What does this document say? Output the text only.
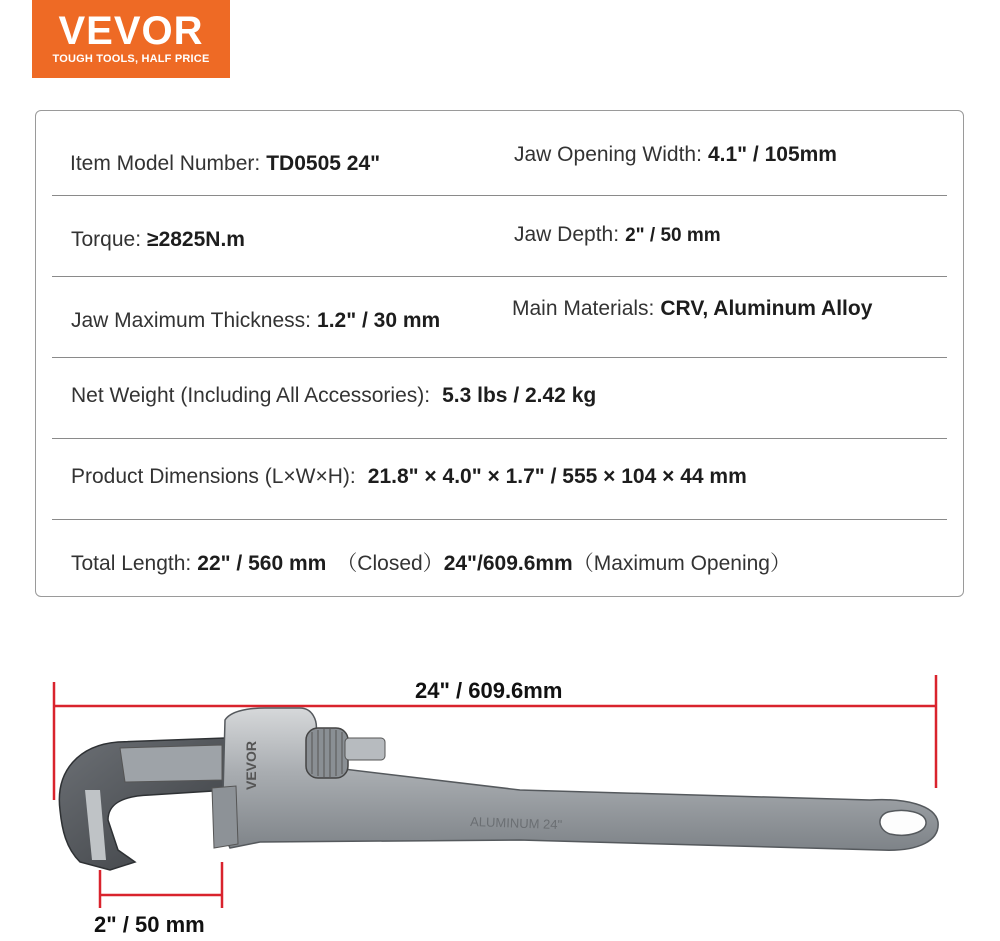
VEVOR
TOUGH TOOLS, HALF PRICE
Item Model Number: TD0505 24"	Jaw Opening Width: 4.1" / 105mm
Torque: ≥2825N.m	Jaw Depth: 2" / 50 mm
Jaw Maximum Thickness: 1.2" / 30 mm
Main Materials: CRV, Aluminum Alloy
Net Weight (Including All Accessories): 5.3 lbs / 2.42 kg
Product Dimensions (L×W×H): 21.8" × 4.0" × 1.7" / 555 × 104 × 44 mm
Total Length: 22" / 560 mm （Closed）24"/609.6mm（Maximum Opening）
VEVOR
ALUMINUM 24"
24" / 609.6mm
2" / 50 mm
